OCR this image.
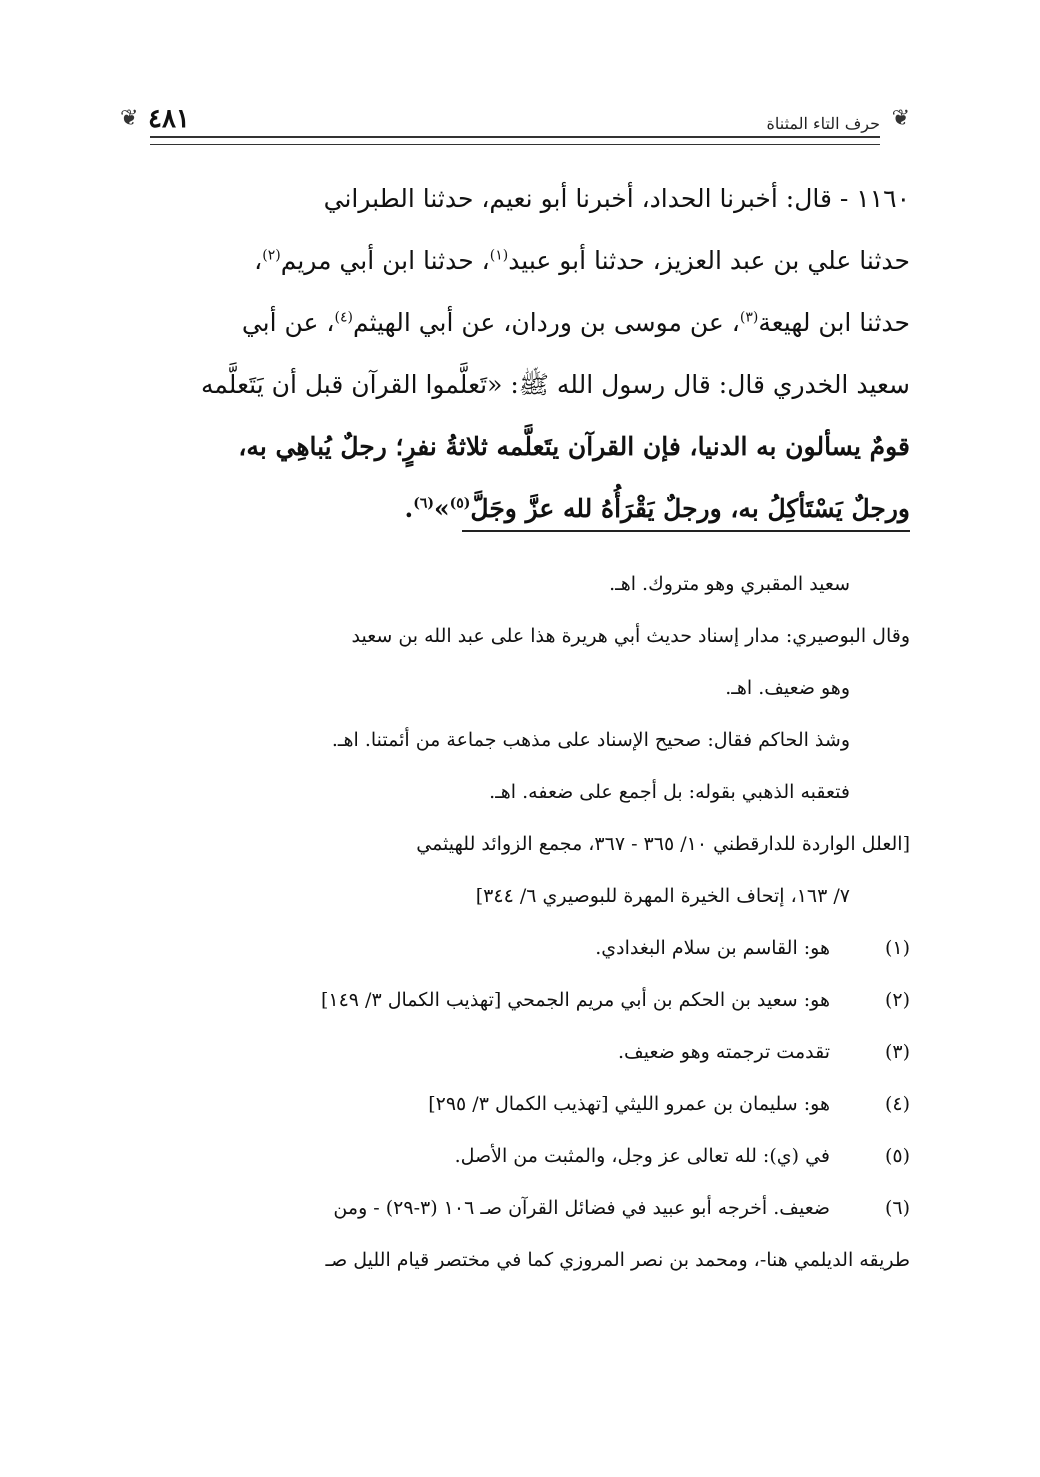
❦
حرف التاء المثناة
٤٨١
❦

١١٦٠ - قال: أخبرنا الحداد، أخبرنا أبو نعيم، حدثنا الطبراني

حدثنا علي بن عبد العزيز، حدثنا أبو عبيد$^{(١)}$، حدثنا ابن أبي مريم$^{(٢)}$،

حدثنا ابن لهيعة$^{(٣)}$، عن موسى بن وردان، عن أبي الهيثم$^{(٤)}$، عن أبي

سعيد الخدري قال: قال رسول الله ﷺ: «تَعلَّموا القرآن قبل أن يَتَعلَّمه

قومٌ يسألون به الدنيا، فإن القرآن يتَعلَّمه ثلاثةُ نفرٍ؛ رجلٌ يُباهِي به،

ورجلٌ يَسْتَأكِلُ به، ورجلٌ يَقْرَأُهُ لله عزَّ وجَلَّ$^{(٥)}$»$^{(٦)}$.

سعيد المقبري وهو متروك. اهـ.

وقال البوصيري: مدار إسناد حديث أبي هريرة هذا على عبد الله بن سعيد

وهو ضعيف. اهـ.

وشذ الحاكم فقال: صحيح الإسناد على مذهب جماعة من أئمتنا. اهـ.

فتعقبه الذهبي بقوله: بل أجمع على ضعفه. اهـ.

[العلل الواردة للدارقطني ١٠/ ٣٦٥ - ٣٦٧، مجمع الزوائد للهيثمي

٧/ ١٦٣، إتحاف الخيرة المهرة للبوصيري ٦/ ٣٤٤]

(١)
هو: القاسم بن سلام البغدادي.
(٢)
هو: سعيد بن الحكم بن أبي مريم الجمحي [تهذيب الكمال ٣/ ١٤٩]
(٣)
تقدمت ترجمته وهو ضعيف.
(٤)
هو: سليمان بن عمرو الليثي [تهذيب الكمال ٣/ ٢٩٥]
(٥)
في (ي): لله تعالى عز وجل، والمثبت من الأصل.
(٦)
ضعيف. أخرجه أبو عبيد في فضائل القرآن صـ ١٠٦ (٣-٢٩) - ومن
طريقه الديلمي هنا-، ومحمد بن نصر المروزي كما في مختصر قيام الليل صـ
